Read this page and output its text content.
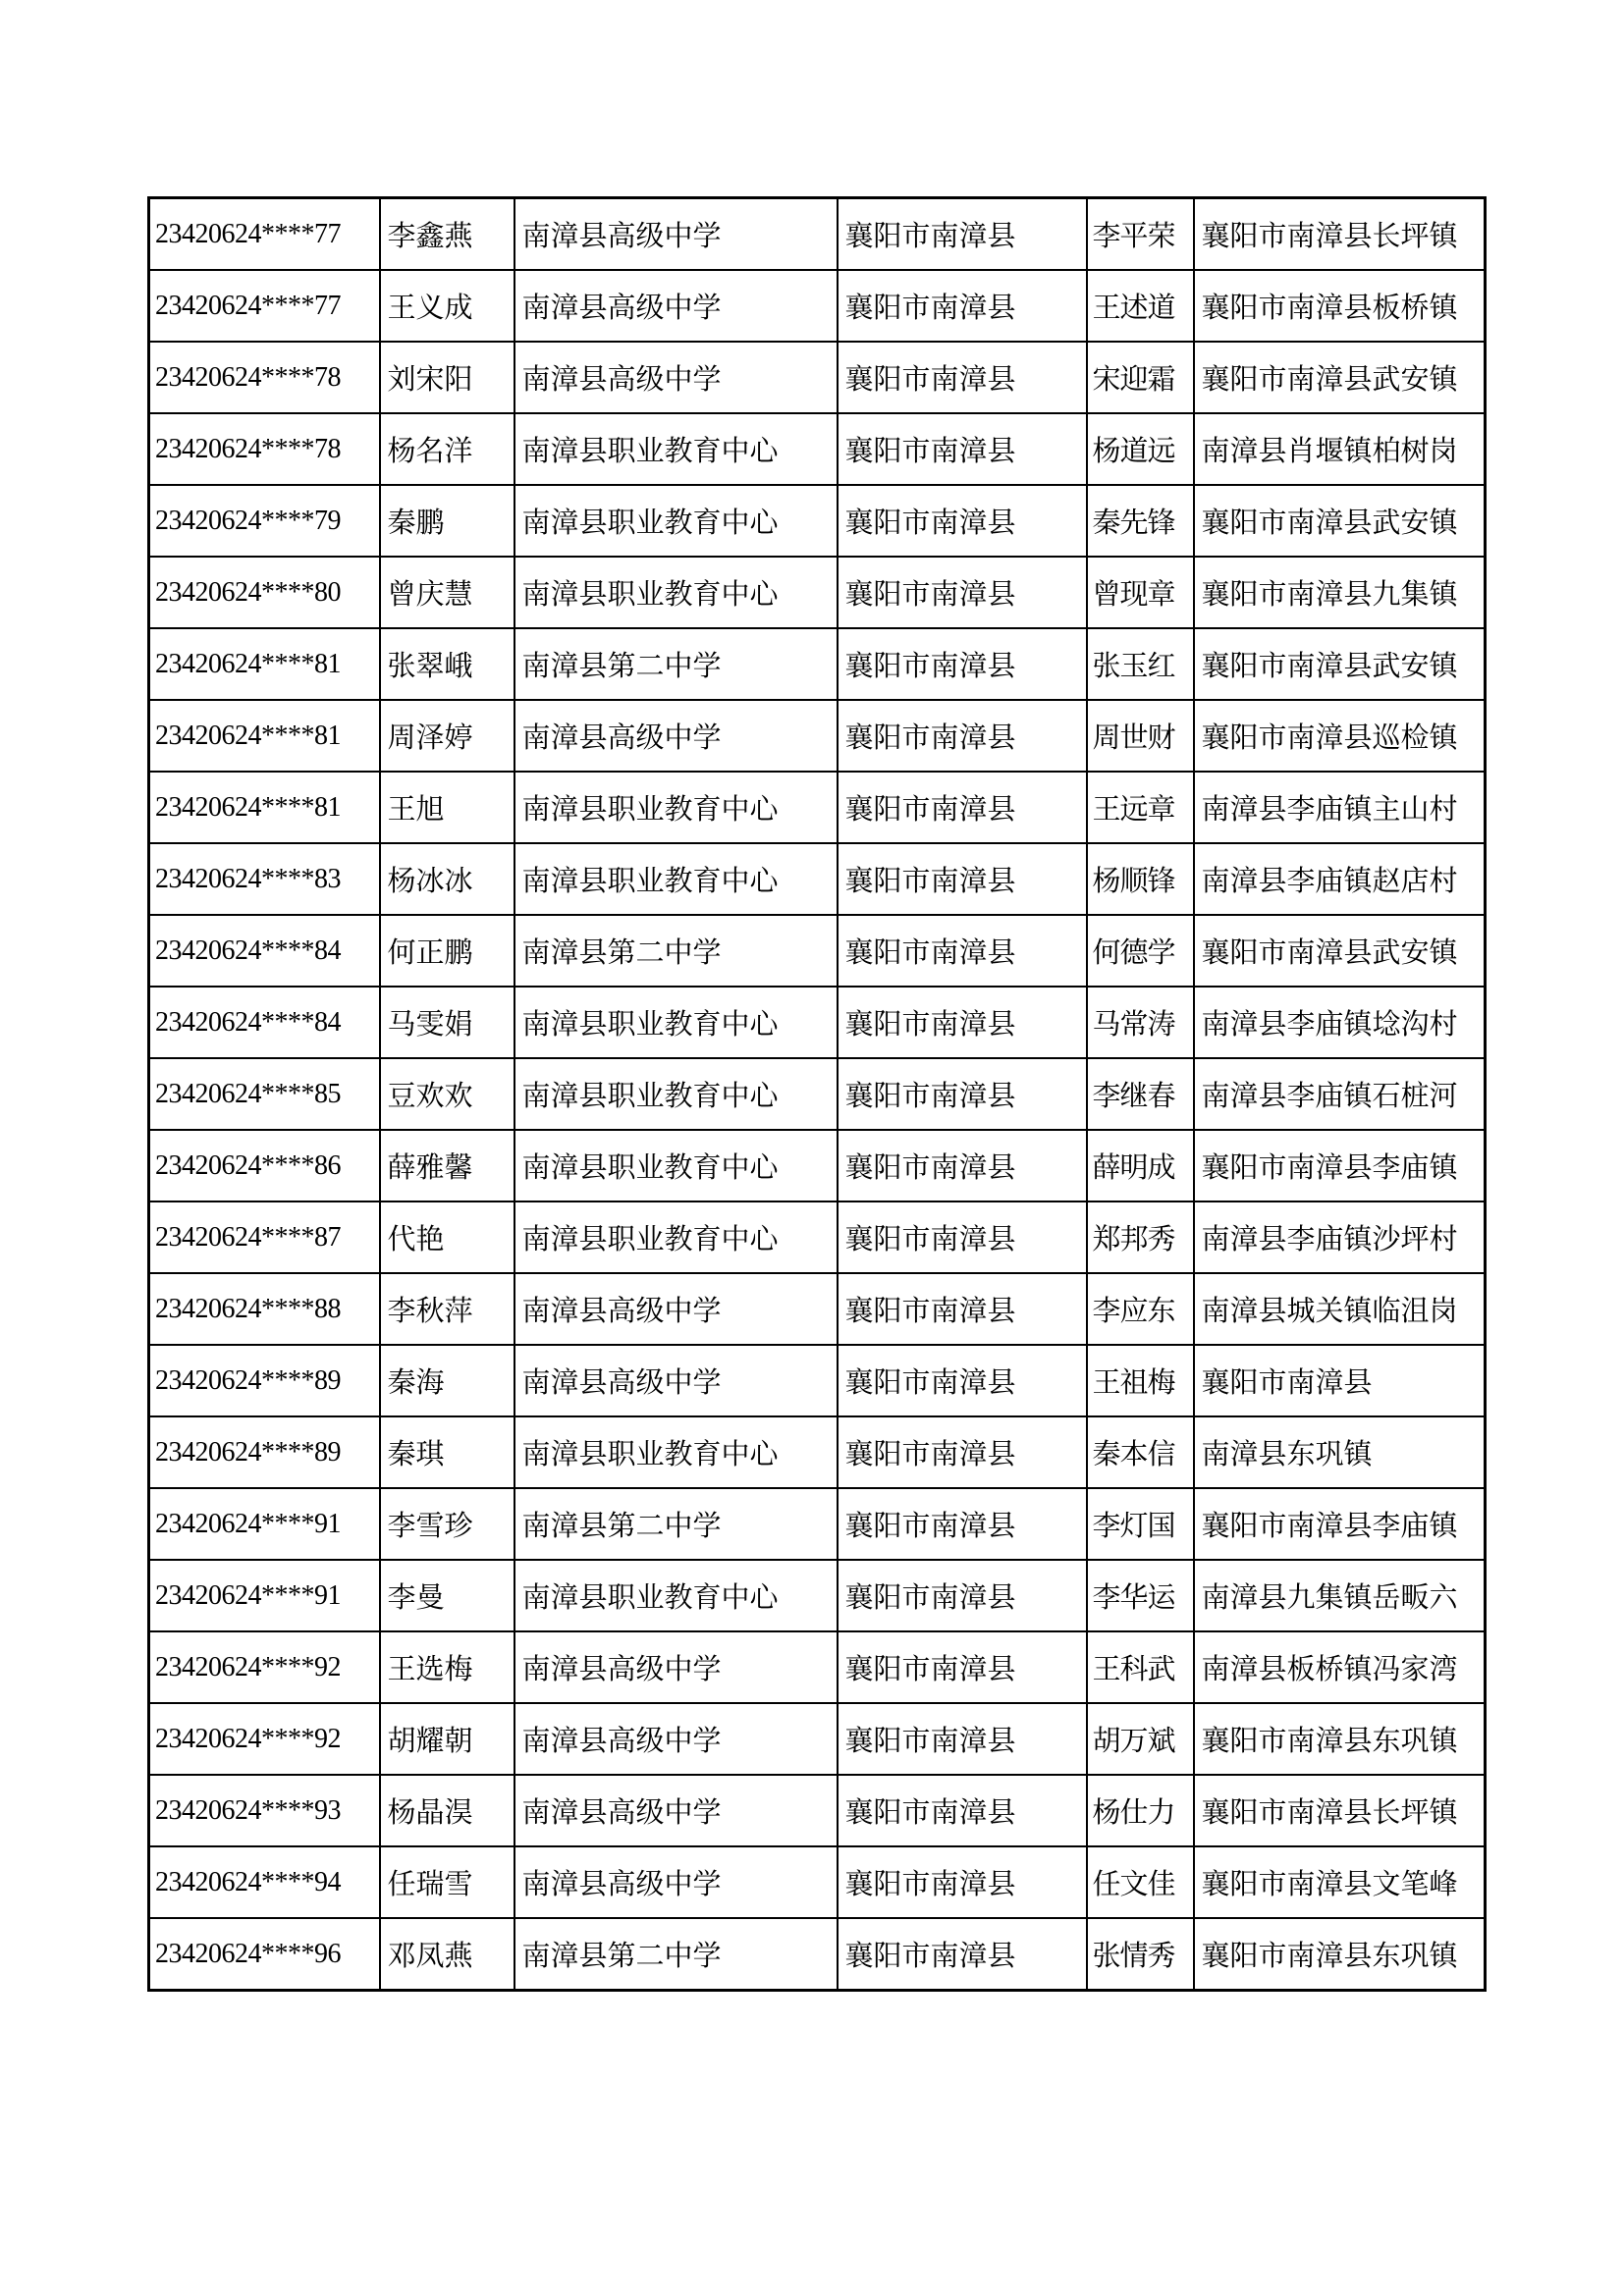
23420624****77	李鑫燕	南漳县高级中学	襄阳市南漳县	李平荣	襄阳市南漳县长坪镇
23420624****77	王义成	南漳县高级中学	襄阳市南漳县	王述道	襄阳市南漳县板桥镇
23420624****78	刘宋阳	南漳县高级中学	襄阳市南漳县	宋迎霜	襄阳市南漳县武安镇
23420624****78	杨名洋	南漳县职业教育中心	襄阳市南漳县	杨道远	南漳县肖堰镇柏树岗
23420624****79	秦鹏	南漳县职业教育中心	襄阳市南漳县	秦先锋	襄阳市南漳县武安镇
23420624****80	曾庆慧	南漳县职业教育中心	襄阳市南漳县	曾现章	襄阳市南漳县九集镇
23420624****81	张翠峨	南漳县第二中学	襄阳市南漳县	张玉红	襄阳市南漳县武安镇
23420624****81	周泽婷	南漳县高级中学	襄阳市南漳县	周世财	襄阳市南漳县巡检镇
23420624****81	王旭	南漳县职业教育中心	襄阳市南漳县	王远章	南漳县李庙镇主山村
23420624****83	杨冰冰	南漳县职业教育中心	襄阳市南漳县	杨顺锋	南漳县李庙镇赵店村
23420624****84	何正鹏	南漳县第二中学	襄阳市南漳县	何德学	襄阳市南漳县武安镇
23420624****84	马雯娟	南漳县职业教育中心	襄阳市南漳县	马常涛	南漳县李庙镇埝沟村
23420624****85	豆欢欢	南漳县职业教育中心	襄阳市南漳县	李继春	南漳县李庙镇石桩河
23420624****86	薛雅馨	南漳县职业教育中心	襄阳市南漳县	薛明成	襄阳市南漳县李庙镇
23420624****87	代艳	南漳县职业教育中心	襄阳市南漳县	郑邦秀	南漳县李庙镇沙坪村
23420624****88	李秋萍	南漳县高级中学	襄阳市南漳县	李应东	南漳县城关镇临沮岗
23420624****89	秦海	南漳县高级中学	襄阳市南漳县	王祖梅	襄阳市南漳县
23420624****89	秦琪	南漳县职业教育中心	襄阳市南漳县	秦本信	南漳县东巩镇
23420624****91	李雪珍	南漳县第二中学	襄阳市南漳县	李灯国	襄阳市南漳县李庙镇
23420624****91	李曼	南漳县职业教育中心	襄阳市南漳县	李华运	南漳县九集镇岳畈六
23420624****92	王选梅	南漳县高级中学	襄阳市南漳县	王科武	南漳县板桥镇冯家湾
23420624****92	胡耀朝	南漳县高级中学	襄阳市南漳县	胡万斌	襄阳市南漳县东巩镇
23420624****93	杨晶淏	南漳县高级中学	襄阳市南漳县	杨仕力	襄阳市南漳县长坪镇
23420624****94	任瑞雪	南漳县高级中学	襄阳市南漳县	任文佳	襄阳市南漳县文笔峰
23420624****96	邓凤燕	南漳县第二中学	襄阳市南漳县	张情秀	襄阳市南漳县东巩镇
